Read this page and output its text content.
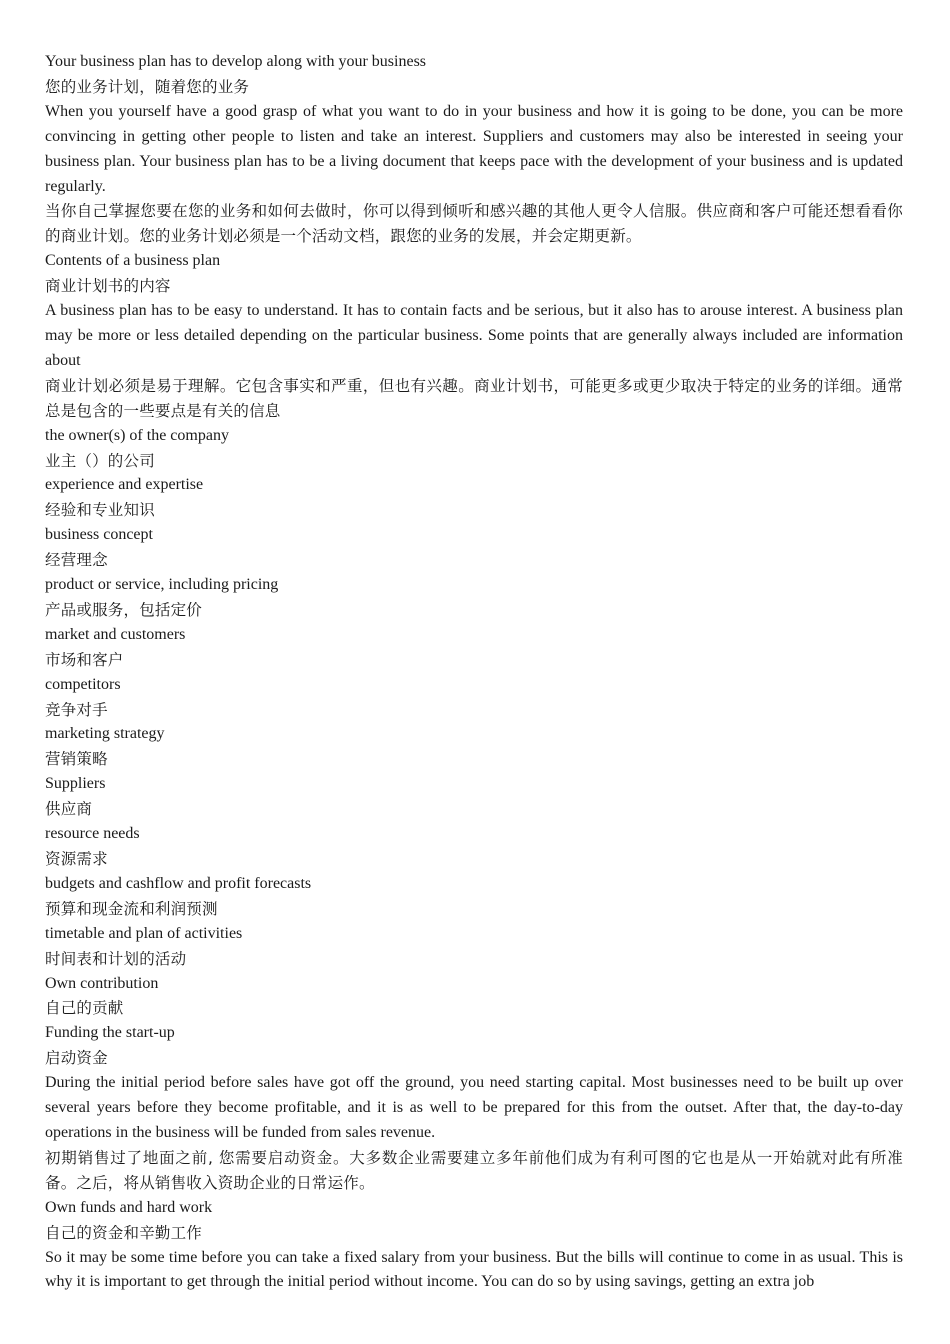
Your business plan has to develop along with your business

您的业务计划，随着您的业务

When you yourself have a good grasp of what you want to do in your business and how it is going to be done, you can be more convincing in getting other people to listen and take an interest. Suppliers and customers may also be interested in seeing your business plan. Your business plan has to be a living document that keeps pace with the development of your business and is updated regularly.

当你自己掌握您要在您的业务和如何去做时，你可以得到倾听和感兴趣的其他人更令人信服。供应商和客户可能还想看看你的商业计划。您的业务计划必须是一个活动文档，跟您的业务的发展，并会定期更新。

Contents of a business plan

商业计划书的内容

A business plan has to be easy to understand. It has to contain facts and be serious, but it also has to arouse interest. A business plan may be more or less detailed depending on the particular business. Some points that are generally always included are information about

商业计划必须是易于理解。它包含事实和严重，但也有兴趣。商业计划书，可能更多或更少取决于特定的业务的详细。通常总是包含的一些要点是有关的信息

the owner(s) of the company

业主（）的公司

experience and expertise

经验和专业知识

business concept

经营理念

product or service, including pricing

产品或服务，包括定价

market and customers

市场和客户

competitors

竞争对手

marketing strategy

营销策略

Suppliers

供应商

resource needs

资源需求

budgets and cashflow and profit forecasts

预算和现金流和利润预测

timetable and plan of activities

时间表和计划的活动

Own contribution

自己的贡献

Funding the start-up

启动资金

During the initial period before sales have got off the ground, you need starting capital. Most businesses need to be built up over several years before they become profitable, and it is as well to be prepared for this from the outset. After that, the day-to-day operations in the business will be funded from sales revenue.

初期销售过了地面之前, 您需要启动资金。大多数企业需要建立多年前他们成为有利可图的它也是从一开始就对此有所准备。之后，将从销售收入资助企业的日常运作。

Own funds and hard work

自己的资金和辛勤工作

So it may be some time before you can take a fixed salary from your business. But the bills will continue to come in as usual. This is why it is important to get through the initial period without income. You can do so by using savings, getting an extra job
